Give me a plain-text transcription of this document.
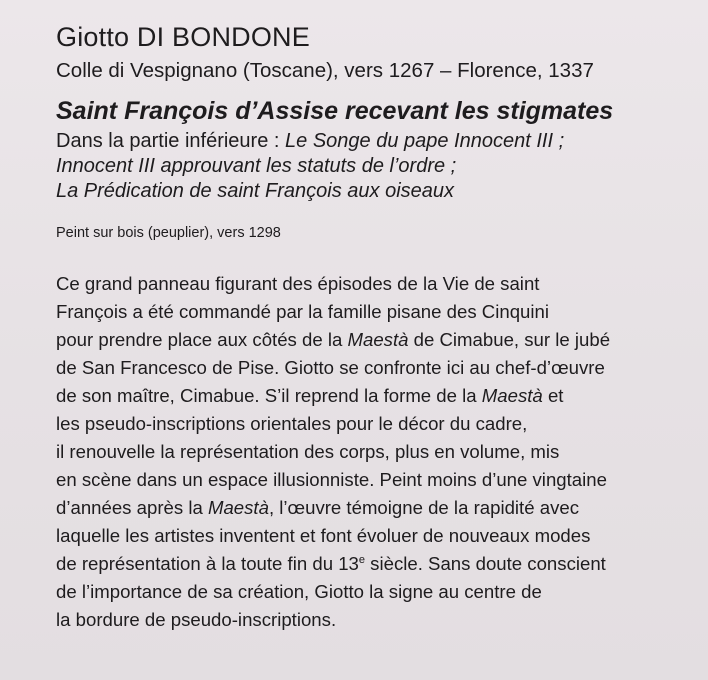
Giotto DI BONDONE

Colle di Vespignano (Toscane), vers 1267 – Florence, 1337

Saint François d’Assise recevant les stigmates
Dans la partie inférieure : Le Songe du pape Innocent III ;
Innocent III approuvant les statuts de l’ordre ;
La Prédication de saint François aux oiseaux

Peint sur bois (peuplier), vers 1298

Ce grand panneau figurant des épisodes de la Vie de saint
François a été commandé par la famille pisane des Cinquini
pour prendre place aux côtés de la Maestà de Cimabue, sur le jubé
de San Francesco de Pise. Giotto se confronte ici au chef-d’œuvre
de son maître, Cimabue. S’il reprend la forme de la Maestà et
les pseudo-inscriptions orientales pour le décor du cadre,
il renouvelle la représentation des corps, plus en volume, mis
en scène dans un espace illusionniste. Peint moins d’une vingtaine
d’années après la Maestà, l’œuvre témoigne de la rapidité avec
laquelle les artistes inventent et font évoluer de nouveaux modes
de représentation à la toute fin du 13e siècle. Sans doute conscient
de l’importance de sa création, Giotto la signe au centre de
la bordure de pseudo-inscriptions.
